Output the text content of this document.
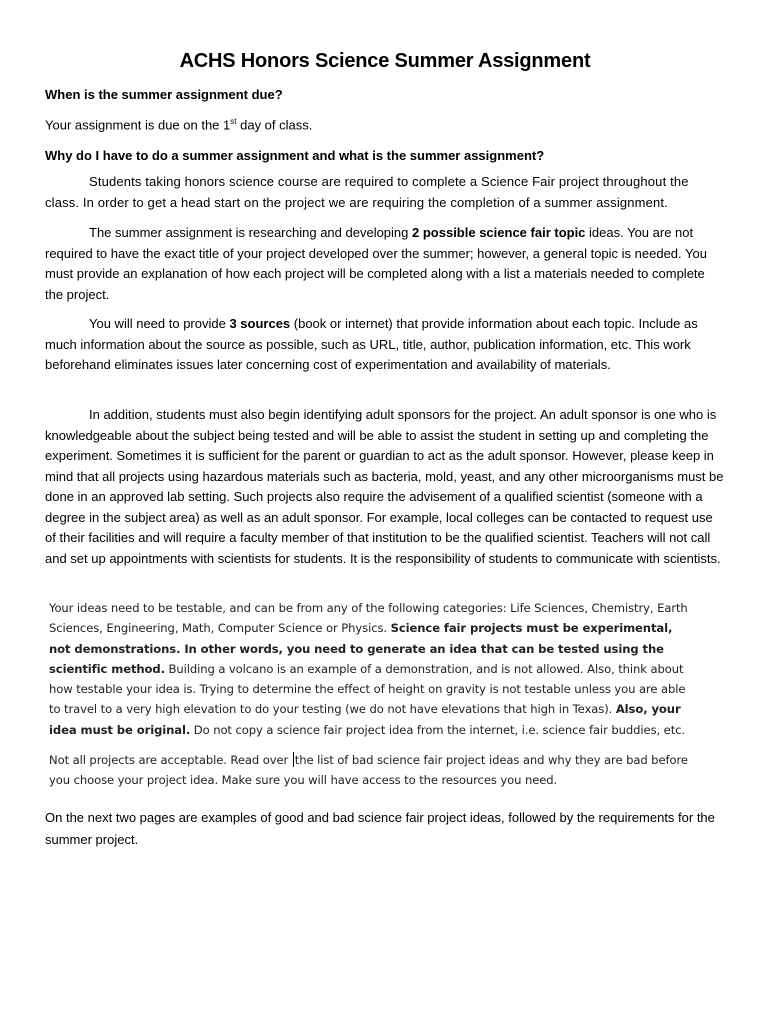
ACHS Honors Science Summer Assignment
When is the summer assignment due?
Your assignment is due on the 1st day of class.
Why do I have to do a summer assignment and what is the summer assignment?

Students taking honors science course are required to complete a Science Fair project throughout the class. In order to get a head start on the project we are requiring the completion of a summer assignment.

The summer assignment is researching and developing 2 possible science fair topic ideas. You are not required to have the exact title of your project developed over the summer; however, a general topic is needed. You must provide an explanation of how each project will be completed along with a list a materials needed to complete the project.

You will need to provide 3 sources (book or internet) that provide information about each topic. Include as much information about the source as possible, such as URL, title, author, publication information, etc. This work beforehand eliminates issues later concerning cost of experimentation and availability of materials.

In addition, students must also begin identifying adult sponsors for the project. An adult sponsor is one who is knowledgeable about the subject being tested and will be able to assist the student in setting up and completing the experiment. Sometimes it is sufficient for the parent or guardian to act as the adult sponsor. However, please keep in mind that all projects using hazardous materials such as bacteria, mold, yeast, and any other microorganisms must be done in an approved lab setting. Such projects also require the advisement of a qualified scientist (someone with a degree in the subject area) as well as an adult sponsor. For example, local colleges can be contacted to request use of their facilities and will require a faculty member of that institution to be the qualified scientist. Teachers will not call and set up appointments with scientists for students. It is the responsibility of students to communicate with scientists.

Your ideas need to be testable, and can be from any of the following categories: Life Sciences, Chemistry, Earth Sciences, Engineering, Math, Computer Science or Physics. Science fair projects must be experimental, not demonstrations. In other words, you need to generate an idea that can be tested using the scientific method. Building a volcano is an example of a demonstration, and is not allowed. Also, think about how testable your idea is. Trying to determine the effect of height on gravity is not testable unless you are able to travel to a very high elevation to do your testing (we do not have elevations that high in Texas). Also, your idea must be original. Do not copy a science fair project idea from the internet, i.e. science fair buddies, etc.

Not all projects are acceptable. Read over the list of bad science fair project ideas and why they are bad before you choose your project idea. Make sure you will have access to the resources you need.

On the next two pages are examples of good and bad science fair project ideas, followed by the requirements for the summer project.
